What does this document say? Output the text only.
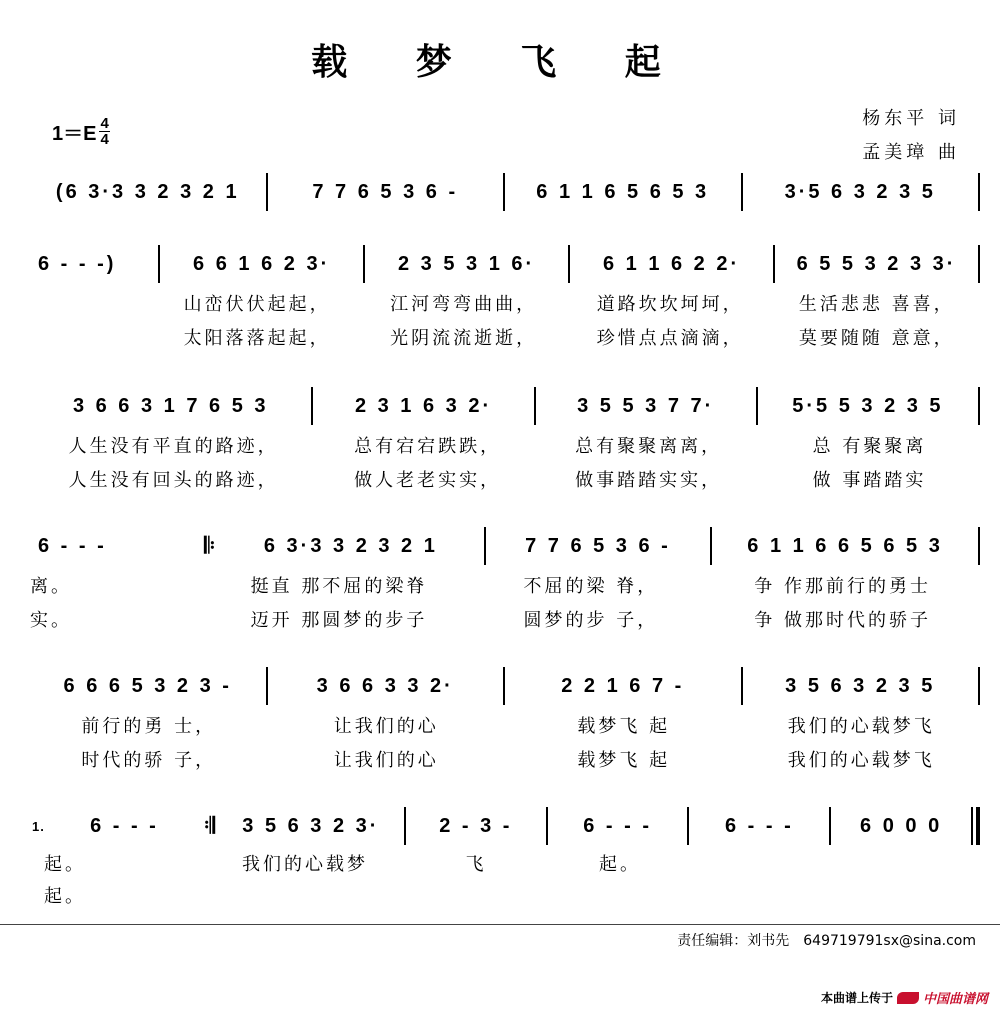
载 梦 飞 起
$1=E \frac{4}{4}$	杨东平 词
孟美璋 曲
(6 3·3 3 2 3 2 1	7 7 6 5 3 6 -	6 1 1 6 5 6 5 3	3·5 6 3 2 3 5
6 - - -)	6 6 1 6 2 3·	2 3 5 3 1 6·	6 1 1 6 2 2·	6 5 5 3 2 3 3·
山峦伏伏起起，	江河弯弯曲曲，	道路坎坎坷坷，	生活悲悲 喜喜，
太阳落落起起，	光阴流流逝逝，	珍惜点点滴滴，	莫要随随 意意，
3 6 6 3 1 7 6 5 3	2 3 1 6 3 2·	3 5 5 3 7 7·	5·5 5 3 2 3 5
人生没有平直的路迹，	总有宕宕跌跌，	总有聚聚离离，	总 有聚聚离
人生没有回头的路迹，	做人老老实实，	做事踏踏实实，	做 事踏踏实
6 - - -	𝄆	6 3·3 3 2 3 2 1	7 7 6 5 3 6 -	6 1 1 6 6 5 6 5 3
离。	挺直 那不屈的梁脊	不屈的梁 脊，	争 作那前行的勇士
实。	迈开 那圆梦的步子	圆梦的步 子，	争 做那时代的骄子
6 6 6 5 3 2 3 -	3 6 6 3 3 2·	2 2 1 6 7 -	3 5 6 3 2 3 5
前行的勇 士，	让我们的心	载梦飞 起	我们的心载梦飞
时代的骄 子，	让我们的心	载梦飞 起	我们的心载梦飞
1.	6 - - -	𝄇	3 5 6 3 2 3·	2 - 3 -	6 - - -	6 - - -	6 0 0 0
起。	我们的心载梦	飞	起。
起。
责任编辑：刘书先　649719791sx@sina.com
本曲谱上传于 中国曲谱网
